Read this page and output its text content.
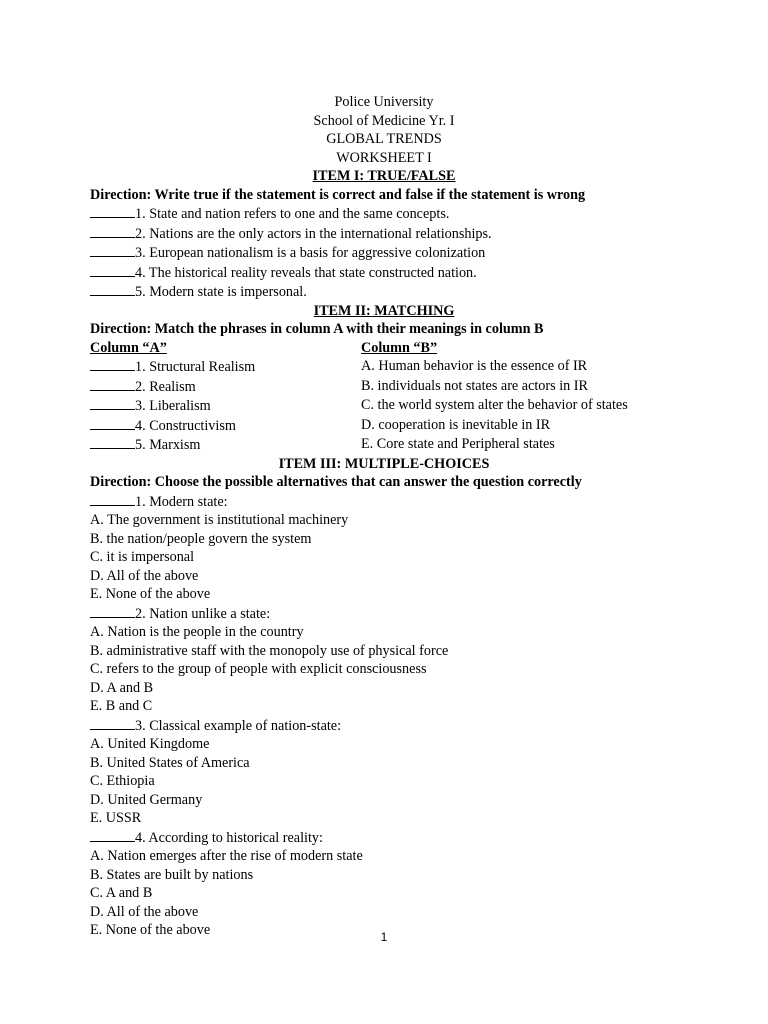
Police University
School of Medicine Yr. I
GLOBAL TRENDS
WORKSHEET I
ITEM I: TRUE/FALSE
Direction: Write true if the statement is correct and false if the statement is wrong
1. State and nation refers to one and the same concepts.
2. Nations are the only actors in the international relationships.
3. European nationalism is a basis for aggressive colonization
4. The historical reality reveals that state constructed nation.
5. Modern state is impersonal.
ITEM II: MATCHING
Direction: Match the phrases in column A with their meanings in column B
Column “A”	Column “B”
1. Structural Realism	A. Human behavior is the essence of IR
2. Realism	B. individuals not states are actors in IR
3. Liberalism	C. the world system alter the behavior of states
4. Constructivism	D. cooperation is inevitable in IR
5. Marxism	E. Core state and Peripheral states
ITEM III: MULTIPLE-CHOICES
Direction: Choose the possible alternatives that can answer the question correctly
1. Modern state:
A. The government is institutional machinery
B. the nation/people govern the system
C. it is impersonal
D. All of the above
E. None of the above
2. Nation unlike a state:
A. Nation is the people in the country
B. administrative staff with the monopoly use of physical force
C. refers to the group of people with explicit consciousness
D. A and B
E. B and C
3. Classical example of nation-state:
A. United Kingdome
B. United States of America
C. Ethiopia
D. United Germany
E. USSR
4. According to historical reality:
A. Nation emerges after the rise of modern state
B. States are built by nations
C. A and B
D. All of the above
E. None of the above	1
